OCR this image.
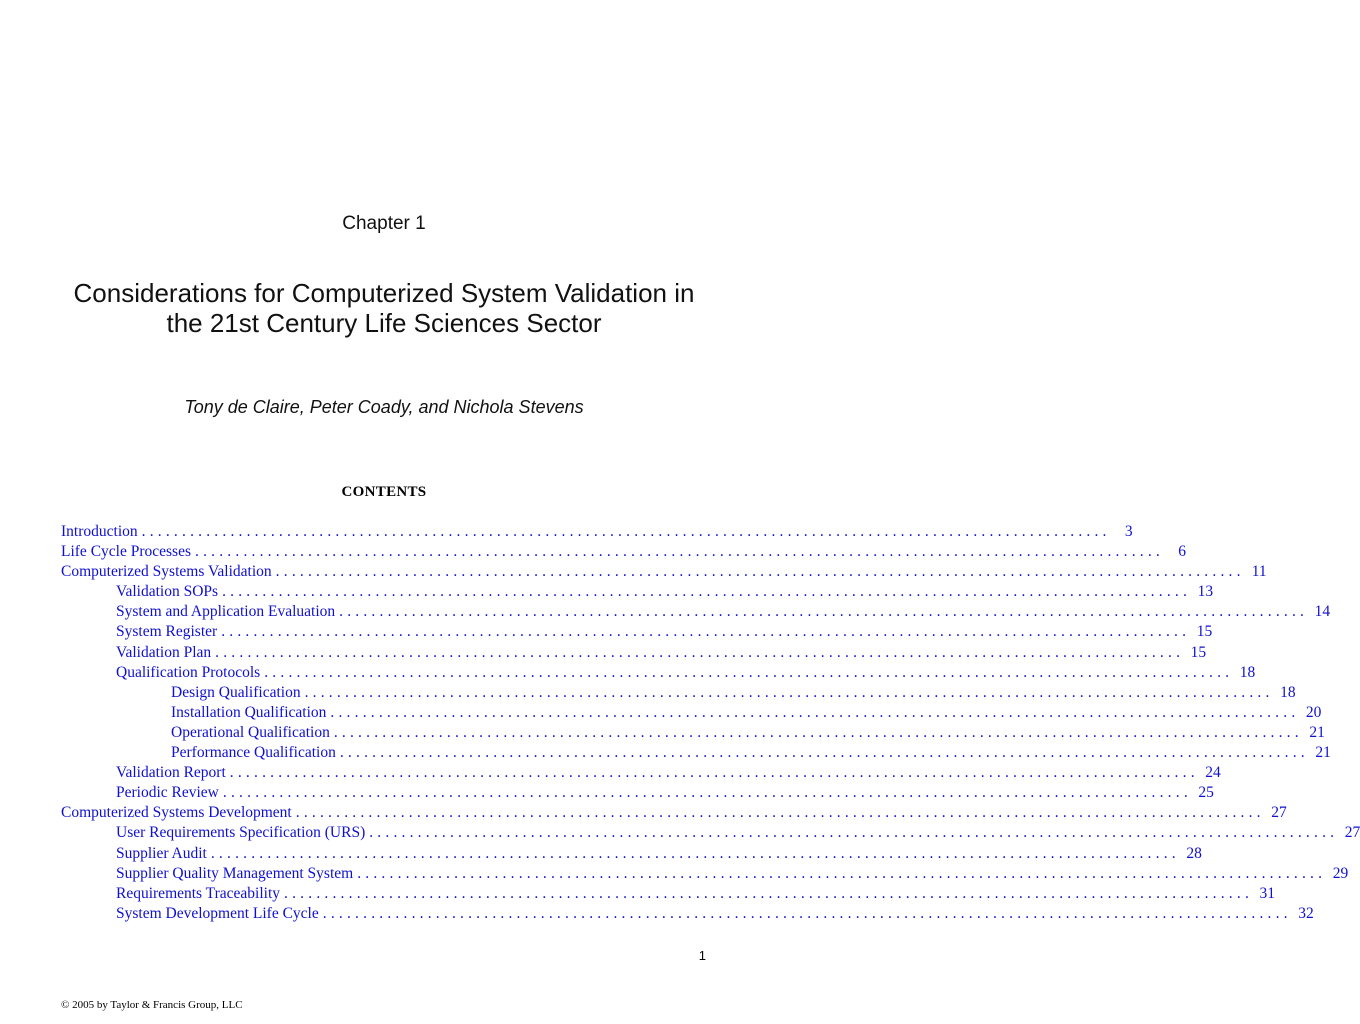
Chapter 1
Considerations for Computerized System Validation in the 21st Century Life Sciences Sector
Tony de Claire, Peter Coady, and Nichola Stevens
CONTENTS
Introduction ........................................................................................................................ 3
Life Cycle Processes ........................................................................................................................ 6
Computerized Systems Validation ........................................................................................................................ 11
Validation SOPs ........................................................................................................................ 13
System and Application Evaluation ........................................................................................................................ 14
System Register ........................................................................................................................ 15
Validation Plan ........................................................................................................................ 15
Qualification Protocols ........................................................................................................................ 18
Design Qualification ........................................................................................................................ 18
Installation Qualification ........................................................................................................................ 20
Operational Qualification ........................................................................................................................ 21
Performance Qualification ........................................................................................................................ 21
Validation Report ........................................................................................................................ 24
Periodic Review ........................................................................................................................ 25
Computerized Systems Development ........................................................................................................................ 27
User Requirements Specification (URS) ........................................................................................................................ 27
Supplier Audit ........................................................................................................................ 28
Supplier Quality Management System ........................................................................................................................ 29
Requirements Traceability ........................................................................................................................ 31
System Development Life Cycle ........................................................................................................................ 32
1
© 2005 by Taylor & Francis Group, LLC
